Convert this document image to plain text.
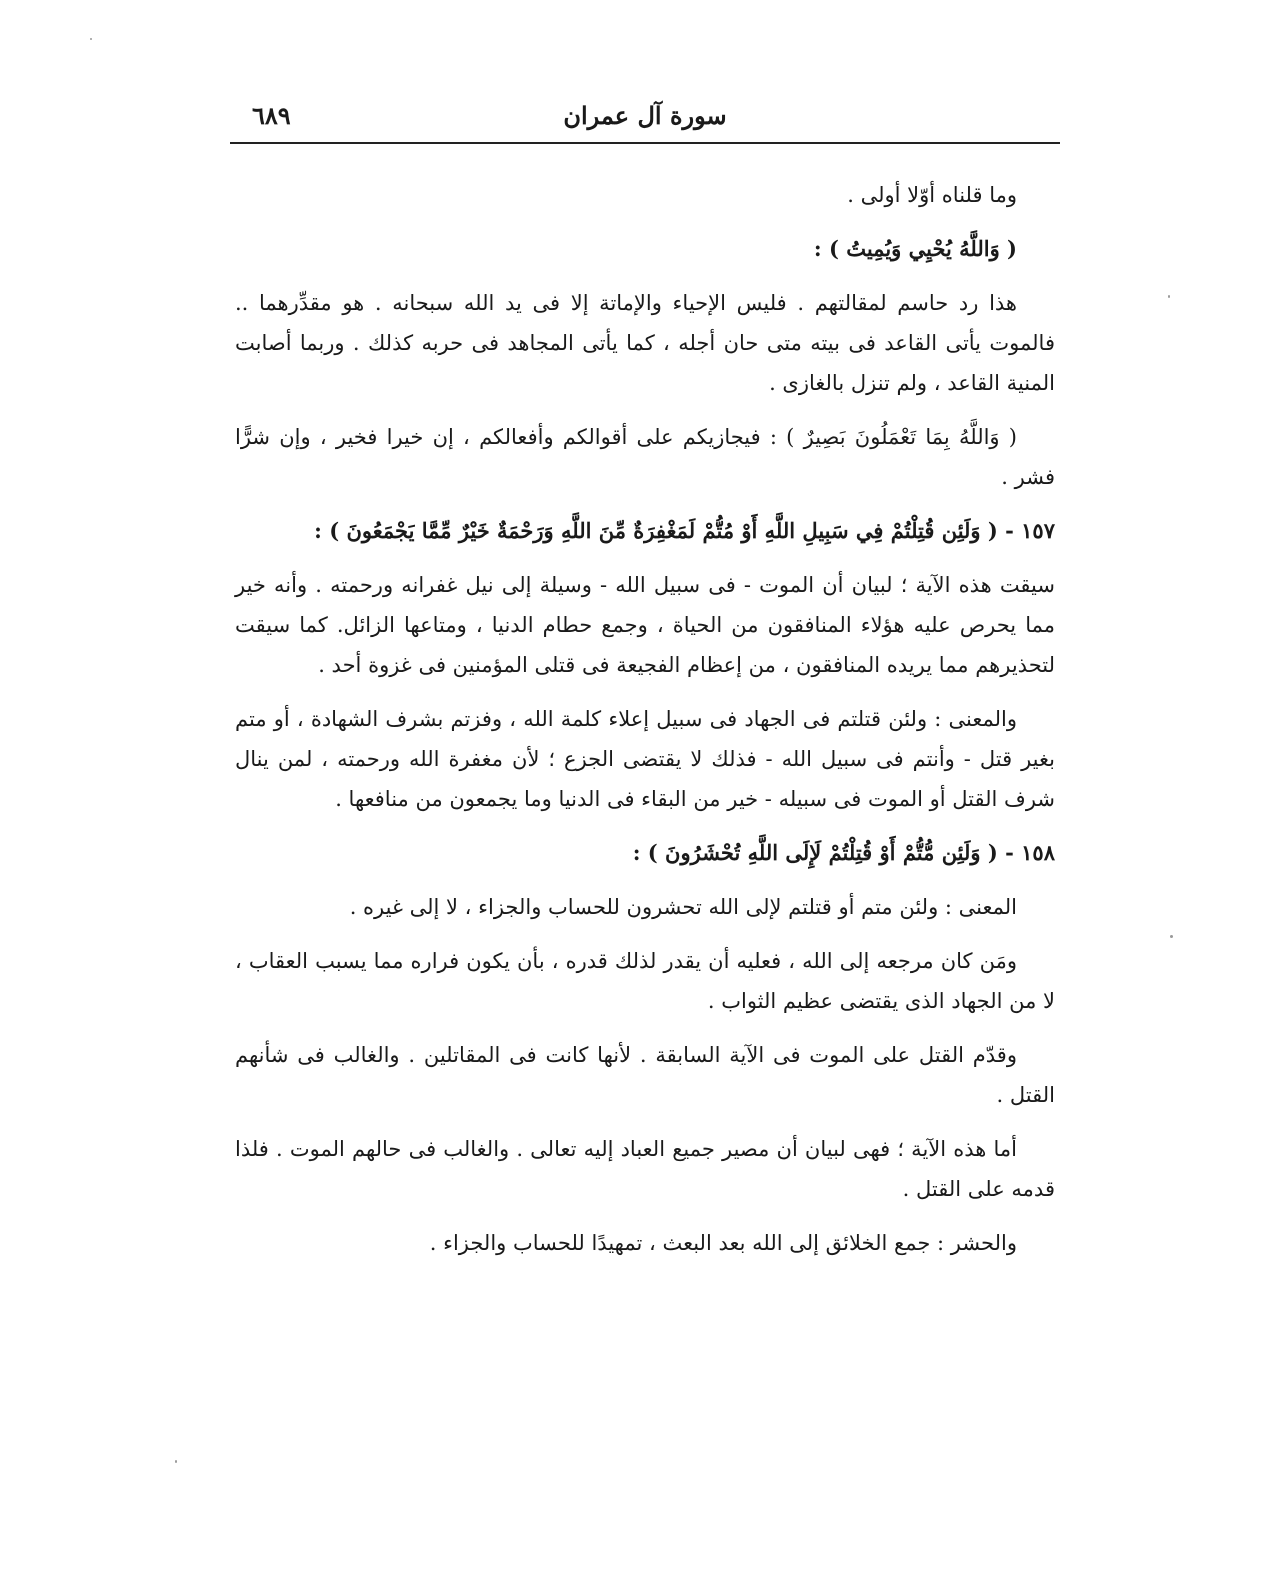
سورة آل عمران
٦٨٩

وما قلناه أوّلا أولى .

( وَاللَّهُ يُحْيِي وَيُمِيتُ ) :

هذا رد حاسم لمقالتهم . فليس الإحياء والإماتة إلا فى يد الله سبحانه . هو مقدِّرهما .. فالموت يأتى القاعد فى بيته متى حان أجله ، كما يأتى المجاهد فى حربه كذلك . وربما أصابت المنية القاعد ، ولم تنزل بالغازى .

( وَاللَّهُ بِمَا تَعْمَلُونَ بَصِيرٌ ) : فيجازيكم على أقوالكم وأفعالكم ، إن خيرا فخير ، وإن شرًّا فشر .

١٥٧ - ( وَلَئِن قُتِلْتُمْ فِي سَبِيلِ اللَّهِ أَوْ مُتُّمْ لَمَغْفِرَةٌ مِّنَ اللَّهِ وَرَحْمَةٌ خَيْرٌ مِّمَّا يَجْمَعُونَ ) :

سيقت هذه الآية ؛ لبيان أن الموت - فى سبيل الله - وسيلة إلى نيل غفرانه ورحمته . وأنه خير مما يحرص عليه هؤلاء المنافقون من الحياة ، وجمع حطام الدنيا ، ومتاعها الزائل. كما سيقت لتحذيرهم مما يريده المنافقون ، من إعظام الفجيعة فى قتلى المؤمنين فى غزوة أحد .

والمعنى : ولئن قتلتم فى الجهاد فى سبيل إعلاء كلمة الله ، وفزتم بشرف الشهادة ، أو متم بغير قتل - وأنتم فى سبيل الله - فذلك لا يقتضى الجزع ؛ لأن مغفرة الله ورحمته ، لمن ينال شرف القتل أو الموت فى سبيله - خير من البقاء فى الدنيا وما يجمعون من منافعها .

١٥٨ - ( وَلَئِن مُّتُّمْ أَوْ قُتِلْتُمْ لَإِلَى اللَّهِ تُحْشَرُونَ ) :

المعنى : ولئن متم أو قتلتم لإلى الله تحشرون للحساب والجزاء ، لا إلى غيره .

ومَن كان مرجعه إلى الله ، فعليه أن يقدر لذلك قدره ، بأن يكون فراره مما يسبب العقاب ، لا من الجهاد الذى يقتضى عظيم الثواب .

وقدّم القتل على الموت فى الآية السابقة . لأنها كانت فى المقاتلين . والغالب فى شأنهم القتل .

أما هذه الآية ؛ فهى لبيان أن مصير جميع العباد إليه تعالى . والغالب فى حالهم الموت . فلذا قدمه على القتل .

والحشر : جمع الخلائق إلى الله بعد البعث ، تمهيدًا للحساب والجزاء .
